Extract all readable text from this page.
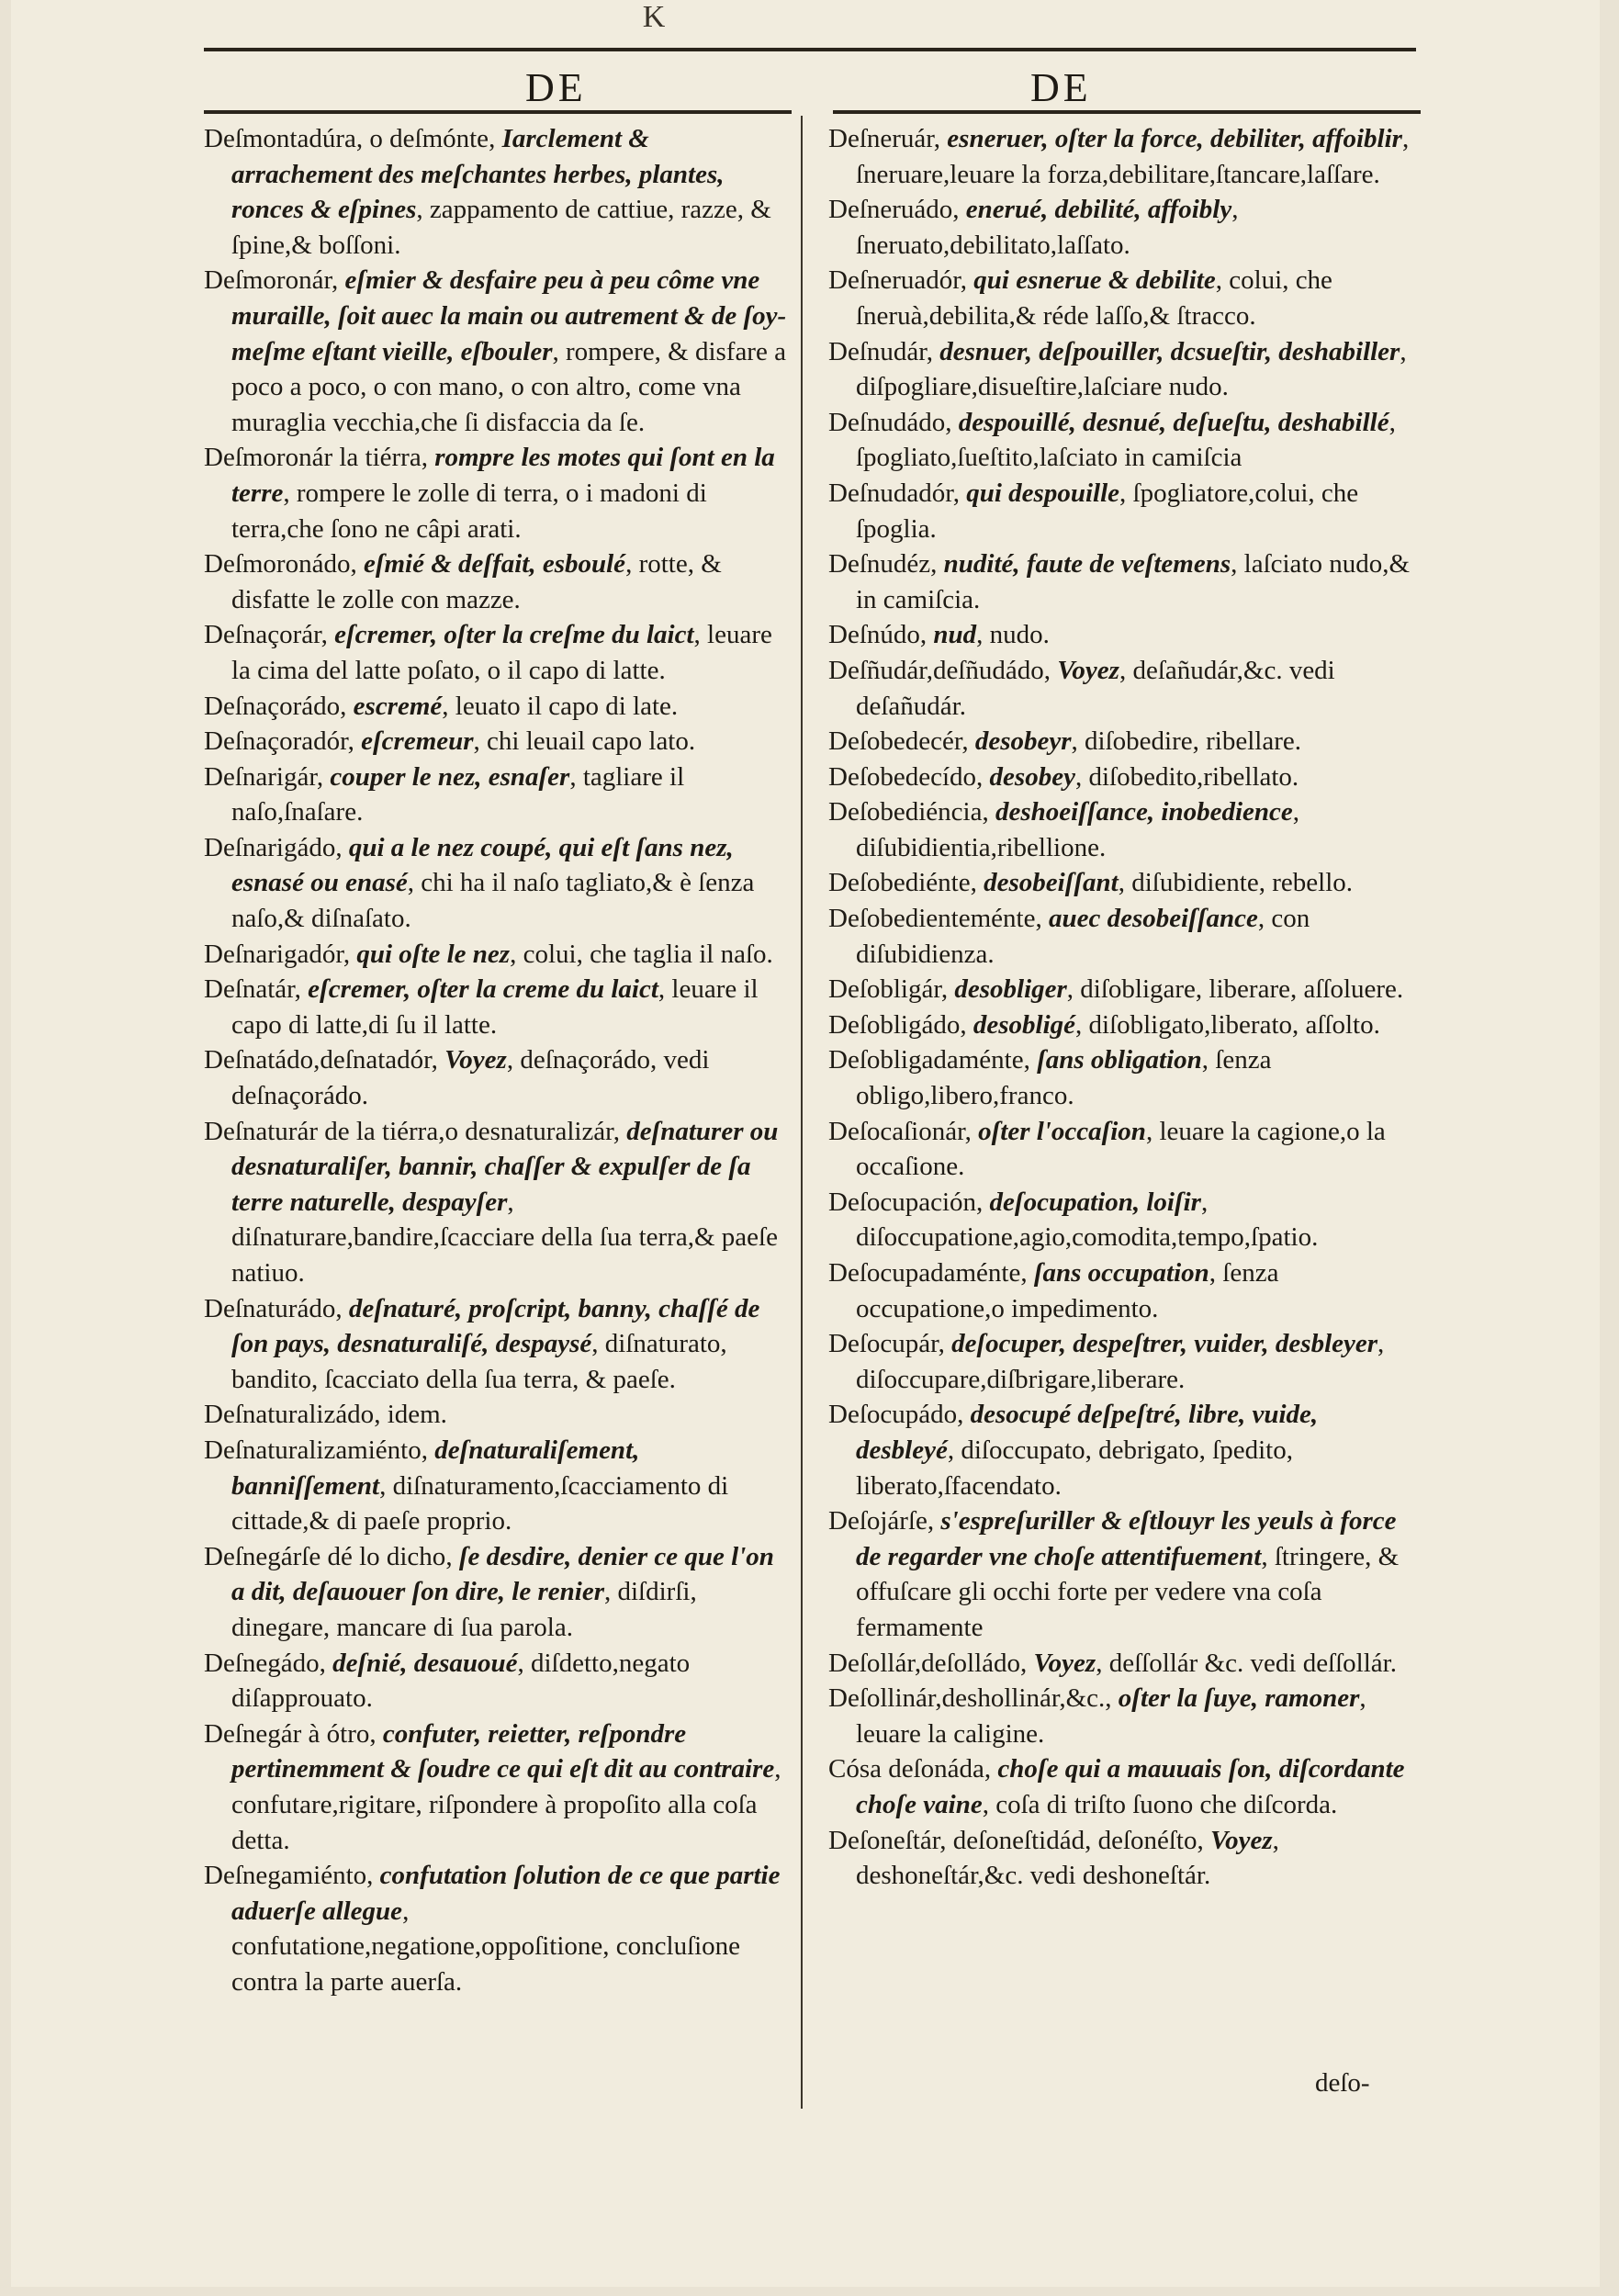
K
DE	DE

Deſmontadúra, o deſmónte, Iarclement & arrachement des meſchantes herbes, plantes, ronces & eſpines, zappamento de cattiue, razze, & ſpine,& boſſoni.

Deſmoronár, eſmier & desfaire peu à peu côme vne muraille, ſoit auec la main ou autrement & de ſoy-meſme eſtant vieille, eſbouler, rompere, & disfare a poco a poco, o con mano, o con altro, come vna muraglia vecchia,che ſi disfaccia da ſe.

Deſmoronár la tiérra, rompre les motes qui ſont en la terre, rompere le zolle di terra, o i madoni di terra,che ſono ne câpi arati.

Deſmoronádo, eſmié & deſfait, esboulé, rotte, & disfatte le zolle con mazze.

Deſnaçorár, eſcremer, oſter la creſme du laict, leuare la cima del latte poſato, o il capo di latte.

Deſnaçorádo, escremé, leuato il capo di late.

Deſnaçoradór, eſcremeur, chi leuail capo lato.

Deſnarigár, couper le nez, esnaſer, tagliare il naſo,ſnaſare.

Deſnarigádo, qui a le nez coupé, qui eſt ſans nez, esnasé ou enasé, chi ha il naſo tagliato,& è ſenza naſo,& diſnaſato.

Deſnarigadór, qui oſte le nez, colui, che taglia il naſo.

Deſnatár, eſcremer, oſter la creme du laict, leuare il capo di latte,di ſu il latte.

Deſnatádo,deſnatadór, Voyez, deſnaçorádo, vedi deſnaçorádo.

Deſnaturár de la tiérra,o desnaturalizár, deſnaturer ou desnaturaliſer, bannir, chaſſer & expulſer de ſa terre naturelle, despayſer, diſnaturare,bandire,ſcacciare della ſua terra,& paeſe natiuo.

Deſnaturádo, deſnaturé, proſcript, banny, chaſſé de ſon pays, desnaturaliſé, despaysé, diſnaturato, bandito, ſcacciato della ſua terra, & paeſe.

Deſnaturalizádo, idem.

Deſnaturalizamiénto, deſnaturaliſement, banniſſement, diſnaturamento,ſcacciamento di cittade,& di paeſe proprio.

Deſnegárſe dé lo dicho, ſe desdire, denier ce que l'on a dit, deſauouer ſon dire, le renier, diſdirſi, dinegare, mancare di ſua parola.

Deſnegádo, deſnié, desauoué, diſdetto,negato diſapprouato.

Deſnegár à ótro, confuter, reietter, reſpondre pertinemment & ſoudre ce qui eſt dit au contraire, confutare,rigitare, riſpondere à propoſito alla coſa detta.

Deſnegamiénto, confutation ſolution de ce que partie aduerſe allegue, confutatione,negatione,oppoſitione, concluſione contra la parte auerſa.

Deſneruár, esneruer, oſter la force, debiliter, affoiblir, ſneruare,leuare la forza,debilitare,ſtancare,laſſare.

Deſneruádo, enerué, debilité, affoibly, ſneruato,debilitato,laſſato.

Deſneruadór, qui esnerue & debilite, colui, che ſneruà,debilita,& réde laſſo,& ſtracco.

Deſnudár, desnuer, deſpouiller, dcsueſtir, deshabiller, diſpogliare,disueſtire,laſciare nudo.

Deſnudádo, despouillé, desnué, deſueſtu, deshabillé, ſpogliato,ſueſtito,laſciato in camiſcia

Deſnudadór, qui despouille, ſpogliatore,colui, che ſpoglia.

Deſnudéz, nudité, faute de veſtemens, laſciato nudo,& in camiſcia.

Deſnúdo, nud, nudo.

Deſñudár,deſñudádo, Voyez, deſañudár,&c. vedi deſañudár.

Deſobedecér, desobeyr, diſobedire, ribellare.

Deſobedecído, desobey, diſobedito,ribellato.

Deſobediéncia, deshoeiſſance, inobedience, diſubidientia,ribellione.

Deſobediénte, desobeiſſant, diſubidiente, rebello.

Deſobedienteménte, auec desobeiſſance, con diſubidienza.

Deſobligár, desobliger, diſobligare, liberare, aſſoluere.

Deſobligádo, desobligé, diſobligato,liberato, aſſolto.

Deſobligadaménte, ſans obligation, ſenza obligo,libero,franco.

Deſocaſionár, oſter l'occaſion, leuare la cagione,o la occaſione.

Deſocupación, deſocupation, loiſir, diſoccupatione,agio,comodita,tempo,ſpatio.

Deſocupadaménte, ſans occupation, ſenza occupatione,o impedimento.

Deſocupár, deſocuper, despeſtrer, vuider, desbleyer, diſoccupare,diſbrigare,liberare.

Deſocupádo, desocupé deſpeſtré, libre, vuide, desbleyé, diſoccupato, debrigato, ſpedito, liberato,ſfacendato.

Deſojárſe, s'espreſuriller & eſtlouyr les yeuls à force de regarder vne choſe attentifuement, ſtringere, & offuſcare gli occhi forte per vedere vna coſa fermamente

Deſollár,deſolládo, Voyez, deſſollár &c. vedi deſſollár.

Deſollinár,deshollinár,&c., oſter la ſuye, ramoner, leuare la caligine.

Cósa deſonáda, choſe qui a mauuais ſon, diſcordante choſe vaine, coſa di triſto ſuono che diſcorda.

Deſoneſtár, deſoneſtidád, deſonéſto, Voyez, deshoneſtár,&c. vedi deshoneſtár.

deſo-
